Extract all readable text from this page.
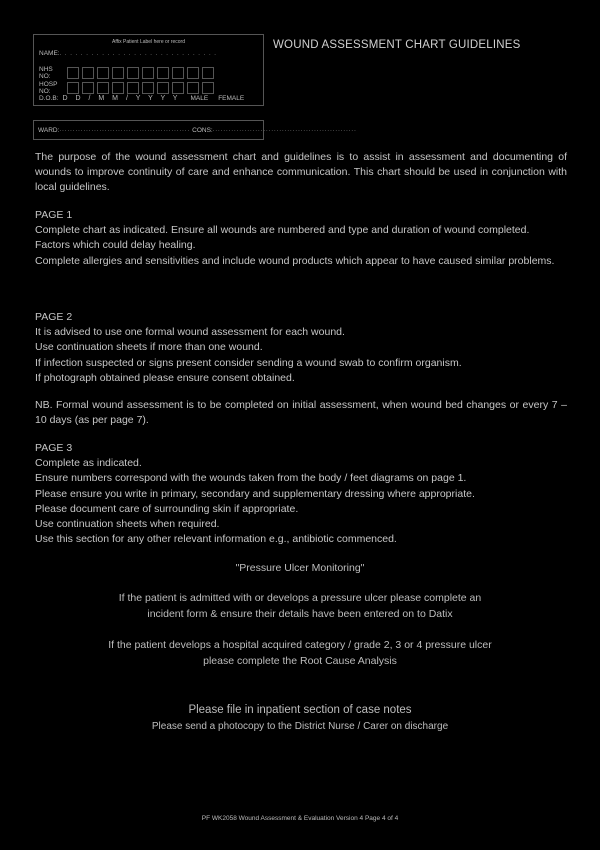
Affix Patient Label here or record
NAME: . . . . . . . . . . . . . . . . . . . . . . . . . . . . . .
NHS NO:
HOSP NO:
D.O.B: D D / M M / Y Y Y Y MALE FEMALE
WARD: ................................................. CONS: ......................................................
WOUND ASSESSMENT CHART GUIDELINES

The purpose of the wound assessment chart and guidelines is to assist in assessment and documenting of wounds to improve continuity of care and enhance communication. This chart should be used in conjunction with local guidelines.

PAGE 1

Complete chart as indicated. Ensure all wounds are numbered and type and duration of wound completed.

Factors which could delay healing.

Complete allergies and sensitivities and include wound products which appear to have caused similar problems.

PAGE 2

It is advised to use one formal wound assessment for each wound.

Use continuation sheets if more than one wound.

If infection suspected or signs present consider sending a wound swab to confirm organism.

If photograph obtained please ensure consent obtained.

NB. Formal wound assessment is to be completed on initial assessment, when wound bed changes or every 7 – 10 days (as per page 7).

PAGE 3

Complete as indicated.

Ensure numbers correspond with the wounds taken from the body / feet diagrams on page 1.

Please ensure you write in primary, secondary and supplementary dressing where appropriate.

Please document care of surrounding skin if appropriate.

Use continuation sheets when required.

Use this section for any other relevant information e.g., antibiotic commenced.

"Pressure Ulcer Monitoring"
If the patient is admitted with or develops a pressure ulcer please complete an
incident form & ensure their details have been entered on to Datix
If the patient develops a hospital acquired category / grade 2, 3 or 4 pressure ulcer
please complete the Root Cause Analysis
Please file in inpatient section of case notes
Please send a photocopy to the District Nurse / Carer on discharge
PF WK2058 Wound Assessment & Evaluation Version 4 Page 4 of 4
